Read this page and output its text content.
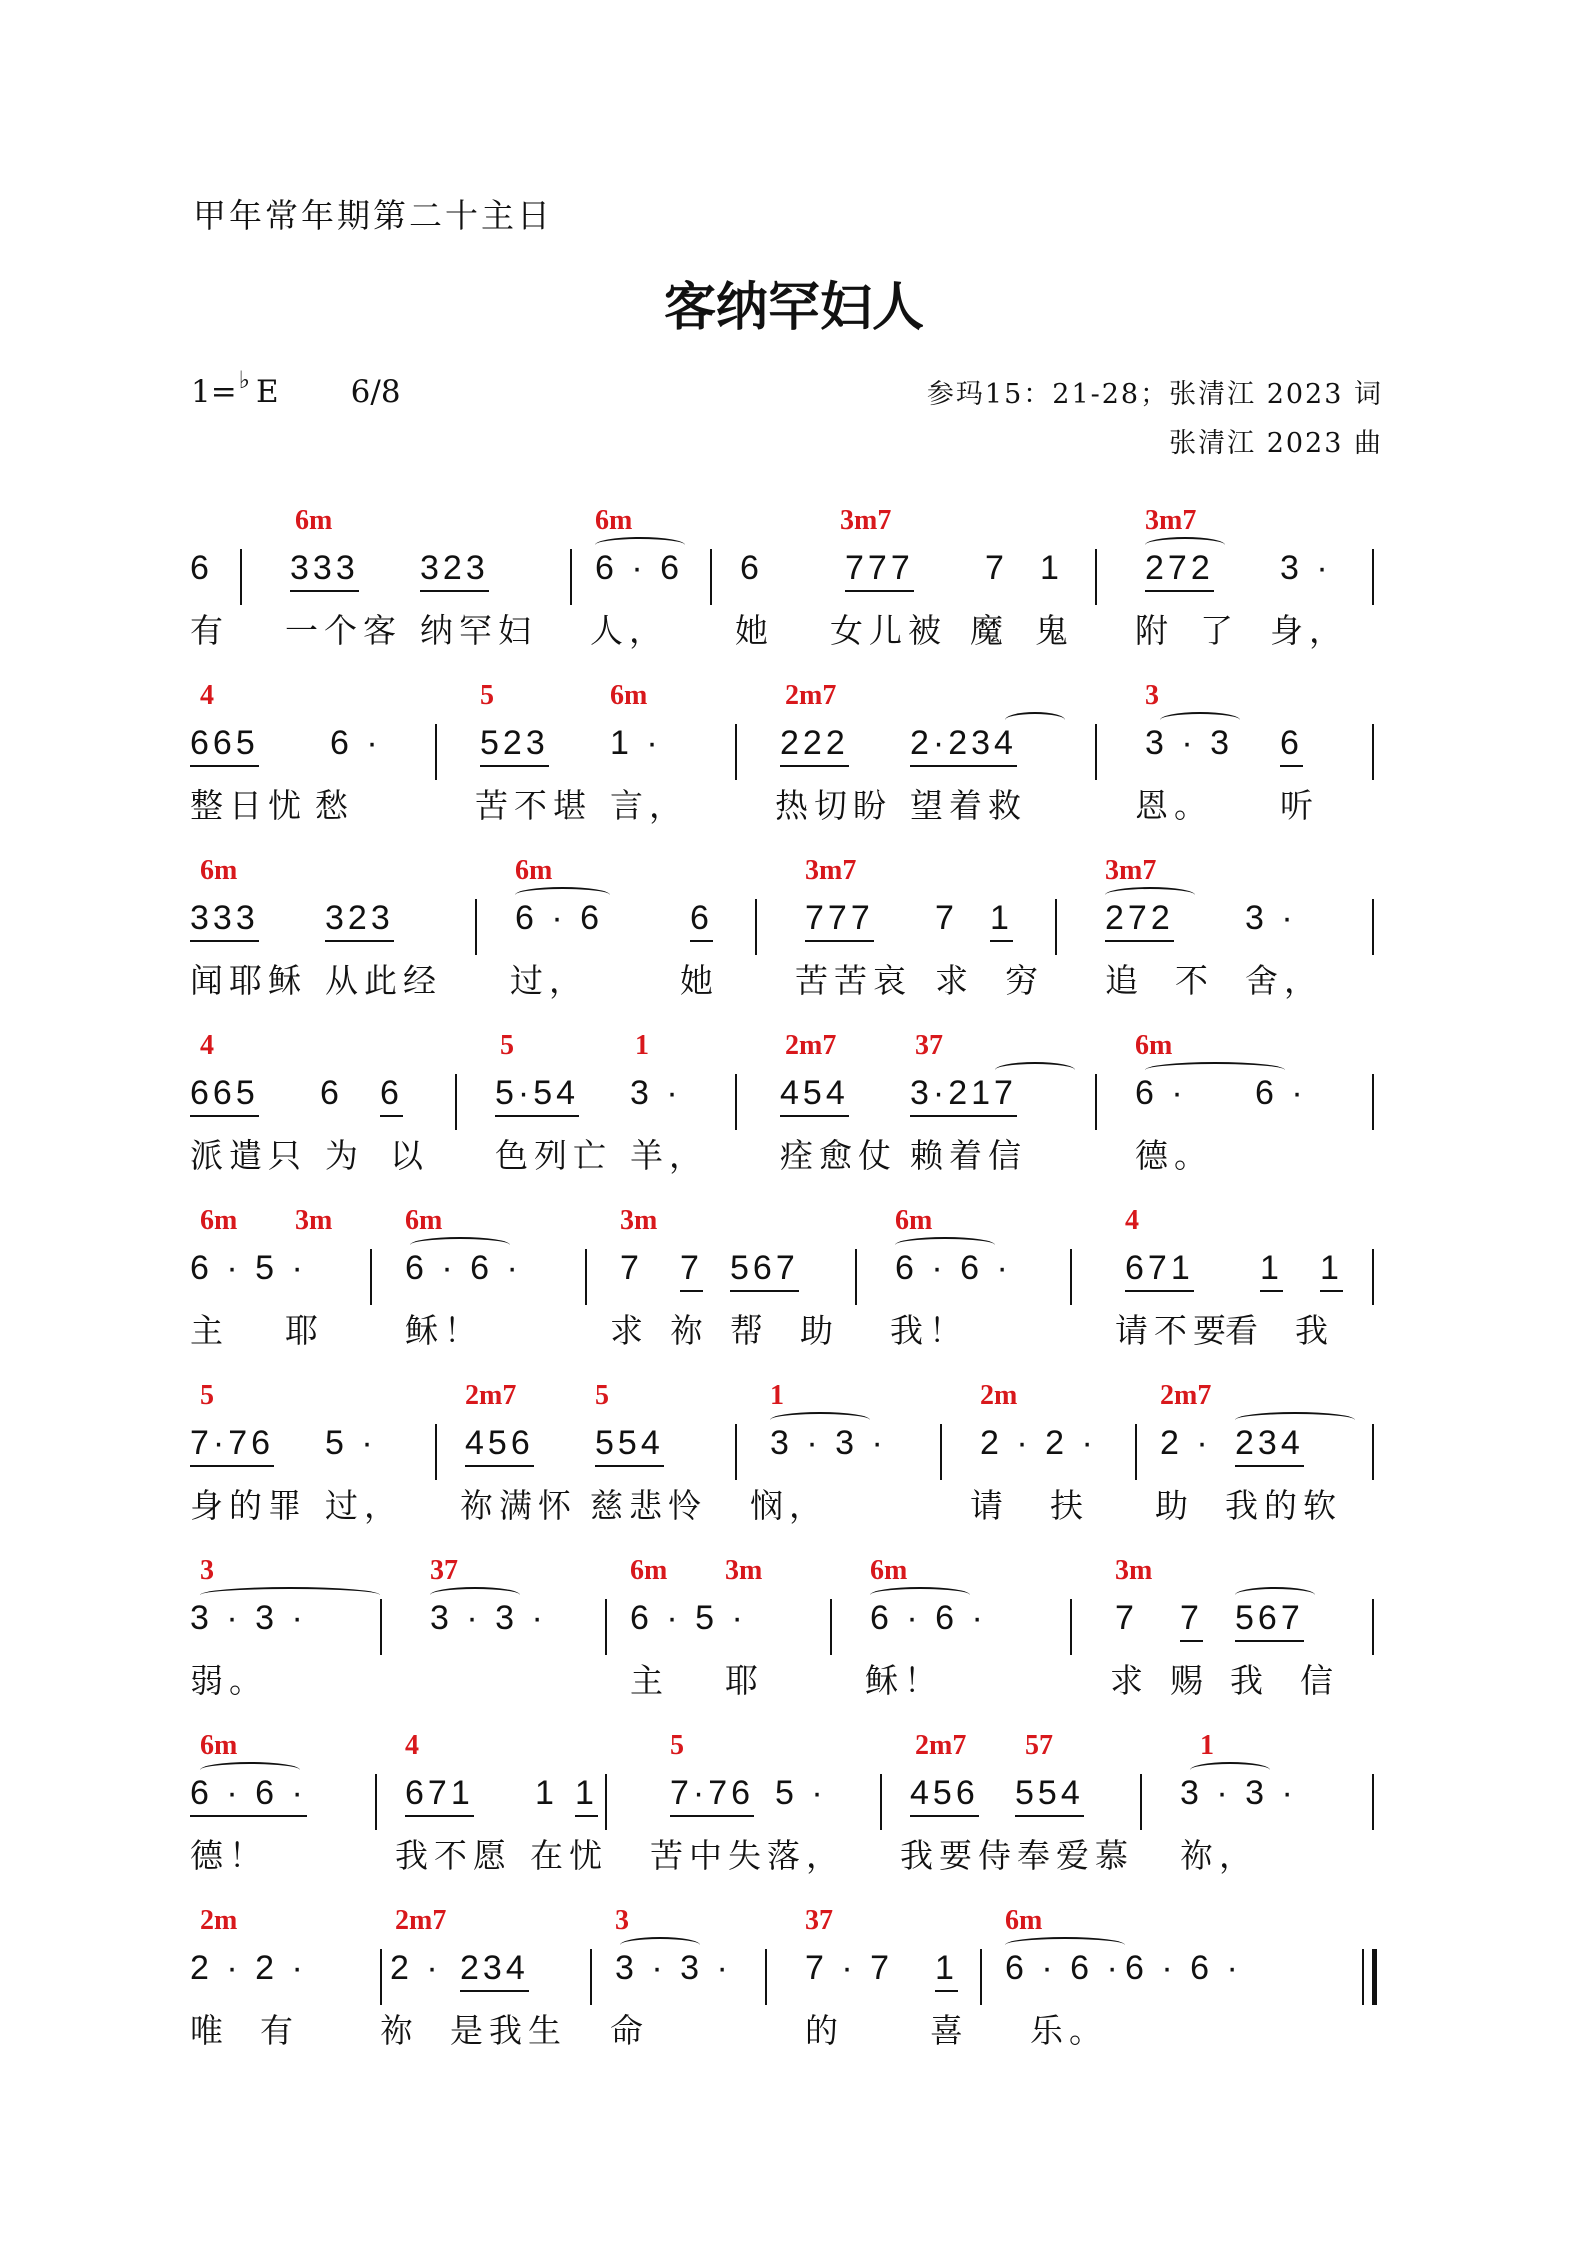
甲年常年期第二十主日
客纳罕妇人
1=♭ E 6/8	参玛15：21-28；张清江 2023 词
张清江 2023 曲
6m	6m	3m7	3m7
6 333 323	6 · 6 6 777 7 1 272 3 ·
有 一个客 纳罕妇 人， 她 女儿被 魔 鬼 附 了 身，
4	5	6m	2m7	3
665 6 ·	523 1 ·	222 2·234	3 · 3 6
整日忧 愁	苦不堪 言，	热切盼 望着救	恩。 听
6m	6m	3m7	3m7
333 323	6 · 6	6	777 7 1	272 3 ·
闻耶稣 从此经 过，	她 苦苦哀 求 穷 追 不 舍，
4	5	1	2m7	37	6m
665 6 6	5·54 3 ·	454 3·217	6 · 6 ·
派遣只 为 以 色列亡 羊， 痊愈仗 赖着信	德。
6m 3m	6m	3m	6m	4
6 · 5 ·	6 · 6 ·	7 7 567	6 · 6 ·	671 1 1
主 耶 稣！	求 祢 帮 助 我！	请不要
看 我
5	2m7	5	1	2m	2m7
7·76 5 ·	456 554	3 · 3 ·	2 · 2 · 2 · 234
身的罪 过， 祢满怀 慈悲怜 悯，	请 扶 助 我的软
3	37	6m 3m	6m	3m
3 · 3 ·	3 · 3 · 6 · 5 ·	6 · 6 ·	7 7 567
弱。	主 耶	稣！	求 赐 我 信
6m	4	5	2m7 57	1
6 · 6 ·	671 1 1 7·76 5 · 456 554	3 · 3 ·
德！	我不愿 在忧 苦中失落， 我要侍奉爱慕 祢，
2m	2m7	3	37	6m
2 · 2 · 2 · 234	3 · 3 · 7 · 7 1 6 · 6 · 6 · 6 ·
唯 有 祢 是我生 命	的	喜 乐。
